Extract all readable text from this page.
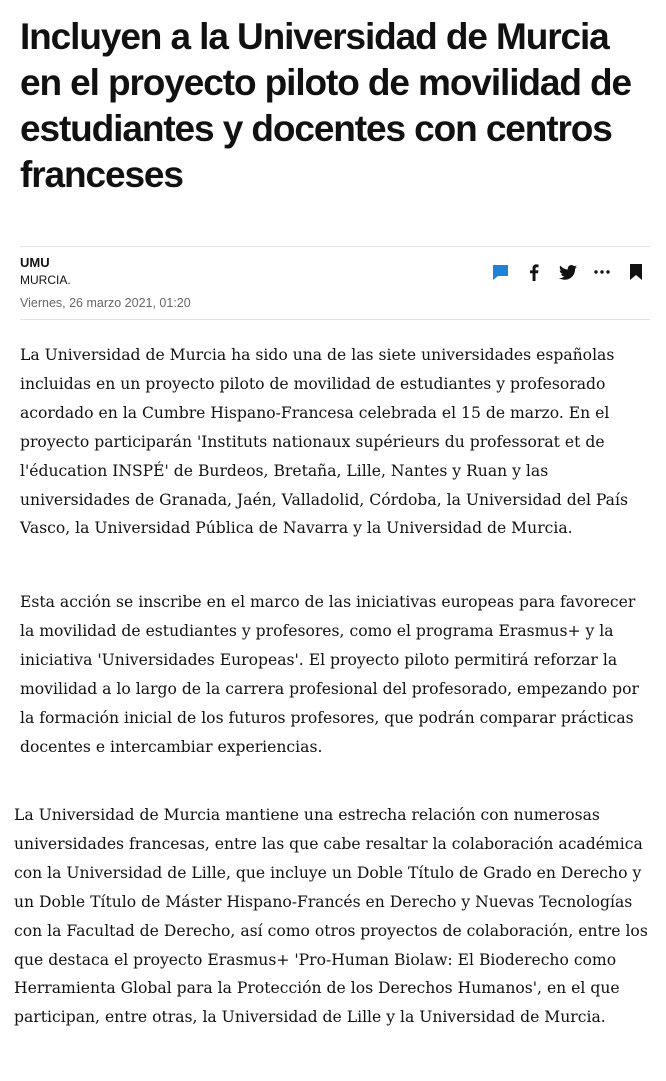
Incluyen a la Universidad de Murcia en el proyecto piloto de movilidad de estudiantes y docentes con centros franceses
UMU
MURCIA.
Viernes, 26 marzo 2021, 01:20

La Universidad de Murcia ha sido una de las siete universidades españolas incluidas en un proyecto piloto de movilidad de estudiantes y profesorado acordado en la Cumbre Hispano-Francesa celebrada el 15 de marzo. En el proyecto participarán 'Instituts nationaux supérieurs du professorat et de l'éducation INSPÉ' de Burdeos, Bretaña, Lille, Nantes y Ruan y las universidades de Granada, Jaén, Valladolid, Córdoba, la Universidad del País Vasco, la Universidad Pública de Navarra y la Universidad de Murcia.

Esta acción se inscribe en el marco de las iniciativas europeas para favorecer la movilidad de estudiantes y profesores, como el programa Erasmus+ y la iniciativa 'Universidades Europeas'. El proyecto piloto permitirá reforzar la movilidad a lo largo de la carrera profesional del profesorado, empezando por la formación inicial de los futuros profesores, que podrán comparar prácticas docentes e intercambiar experiencias.

La Universidad de Murcia mantiene una estrecha relación con numerosas universidades francesas, entre las que cabe resaltar la colaboración académica con la Universidad de Lille, que incluye un Doble Título de Grado en Derecho y un Doble Título de Máster Hispano-Francés en Derecho y Nuevas Tecnologías con la Facultad de Derecho, así como otros proyectos de colaboración, entre los que destaca el proyecto Erasmus+ 'Pro-Human Biolaw: El Bioderecho como Herramienta Global para la Protección de los Derechos Humanos', en el que participan, entre otras, la Universidad de Lille y la Universidad de Murcia.
